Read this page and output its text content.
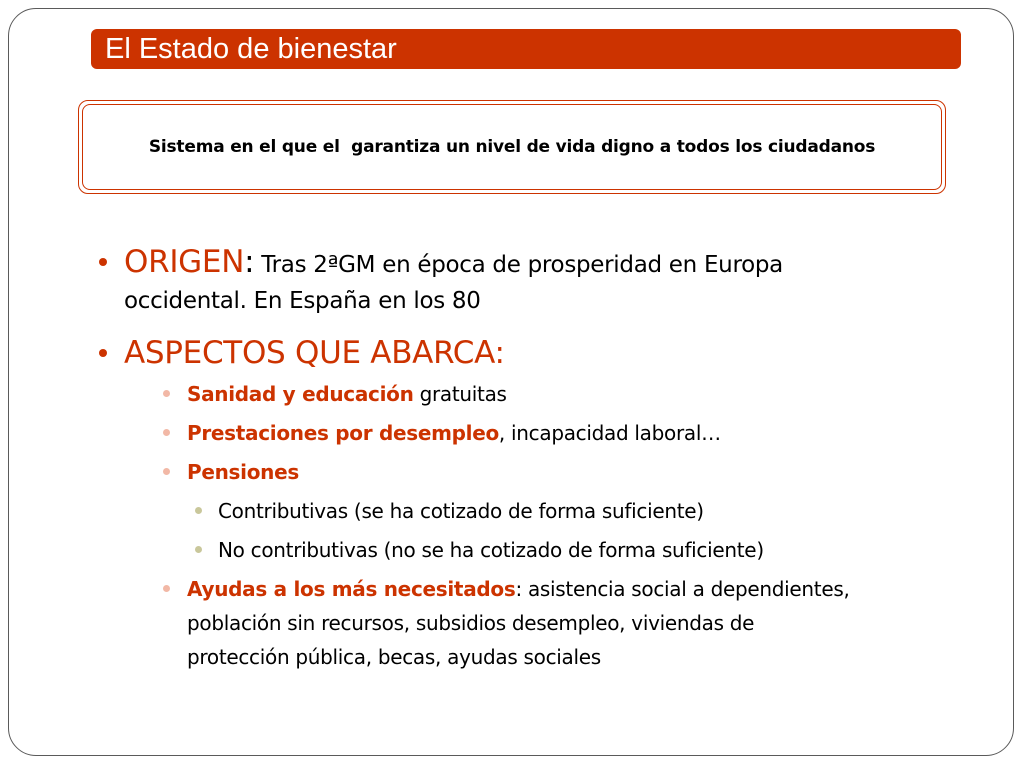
El Estado de bienestar
Sistema en el que el  garantiza un nivel de vida digno a todos los ciudadanos
ORIGEN: Tras 2ªGM en época de prosperidad en Europa
occidental. En España en los 80
ASPECTOS QUE ABARCA:
Sanidad y educación gratuitas
Prestaciones por desempleo, incapacidad laboral…
Pensiones
Contributivas (se ha cotizado de forma suficiente)
No contributivas (no se ha cotizado de forma suficiente)
Ayudas a los más necesitados: asistencia social a dependientes,
población sin recursos, subsidios desempleo, viviendas de
protección pública, becas, ayudas sociales
